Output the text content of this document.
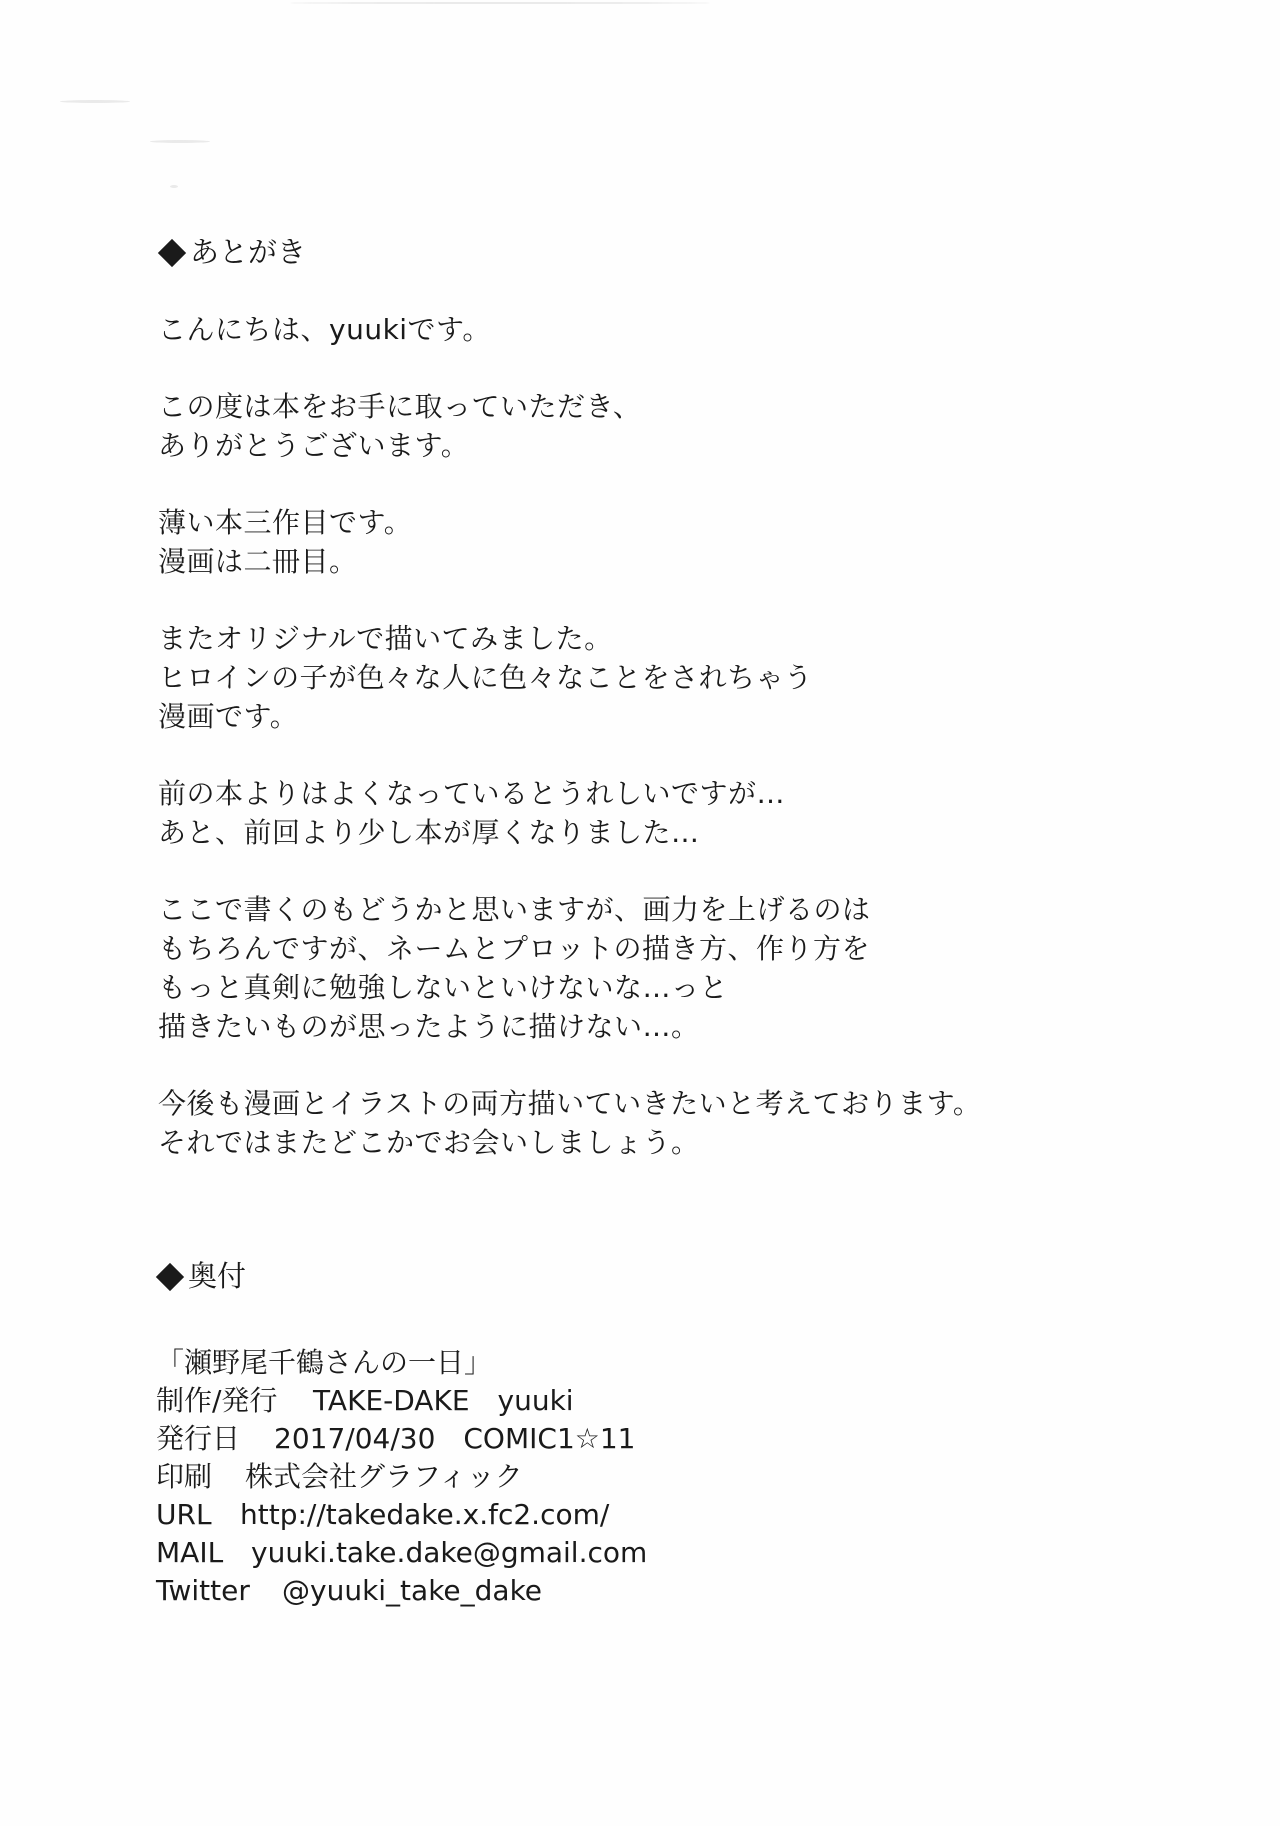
あとがき
こんにちは、yuukiです。
この度は本をお手に取っていただき、
ありがとうございます。
薄い本三作目です。
漫画は二冊目。
またオリジナルで描いてみました。
ヒロインの子が色々な人に色々なことをされちゃう
漫画です。
前の本よりはよくなっているとうれしいですが…
あと、前回より少し本が厚くなりました…
ここで書くのもどうかと思いますが、画力を上げるのは
もちろんですが、ネームとプロットの描き方、作り方を
もっと真剣に勉強しないといけないな…っと
描きたいものが思ったように描けない…。
今後も漫画とイラストの両方描いていきたいと考えております。
それではまたどこかでお会いしましょう。
奥付
「瀬野尾千鶴さんの一日」
制作/発行	TAKE-DAKE　yuuki
発行日	2017/04/30　COMIC1☆11
印刷	株式会社グラフィック
URL	http://takedake.x.fc2.com/
MAIL yuuki.take.dake@gmail.com
Twitter	@yuuki_take_dake
